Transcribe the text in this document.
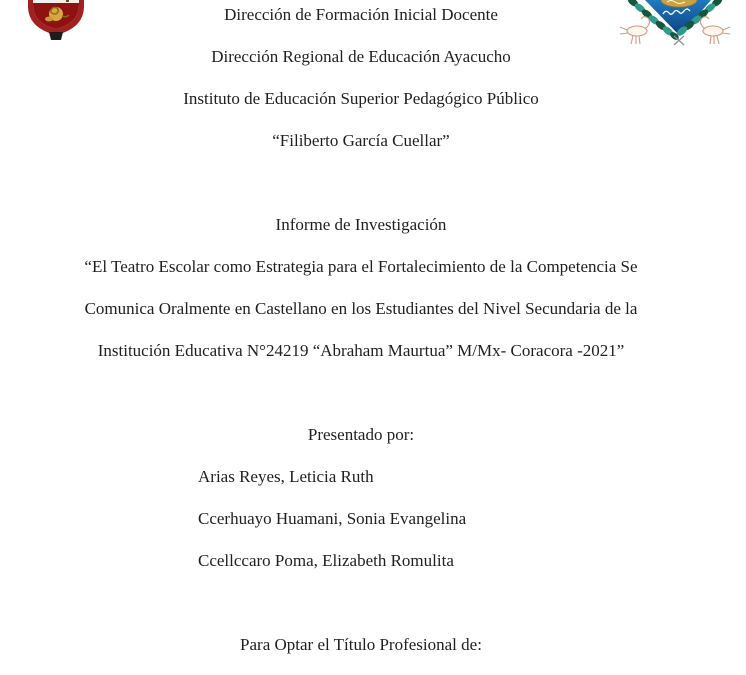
Dirección de Formación Inicial Docente
Dirección Regional de Educación Ayacucho
Instituto de Educación Superior Pedagógico Público
“Filiberto García Cuellar”
Informe de Investigación
“El Teatro Escolar como Estrategia para el Fortalecimiento de la Competencia Se
Comunica Oralmente en Castellano en los Estudiantes del Nivel Secundaria de la
Institución Educativa N°24219 “Abraham Maurtua” M/Mx- Coracora -2021”
Presentado por:
Arias Reyes, Leticia Ruth
Ccerhuayo Huamani, Sonia Evangelina
Ccellccaro Poma, Elizabeth Romulita
Para Optar el Título Profesional de:
